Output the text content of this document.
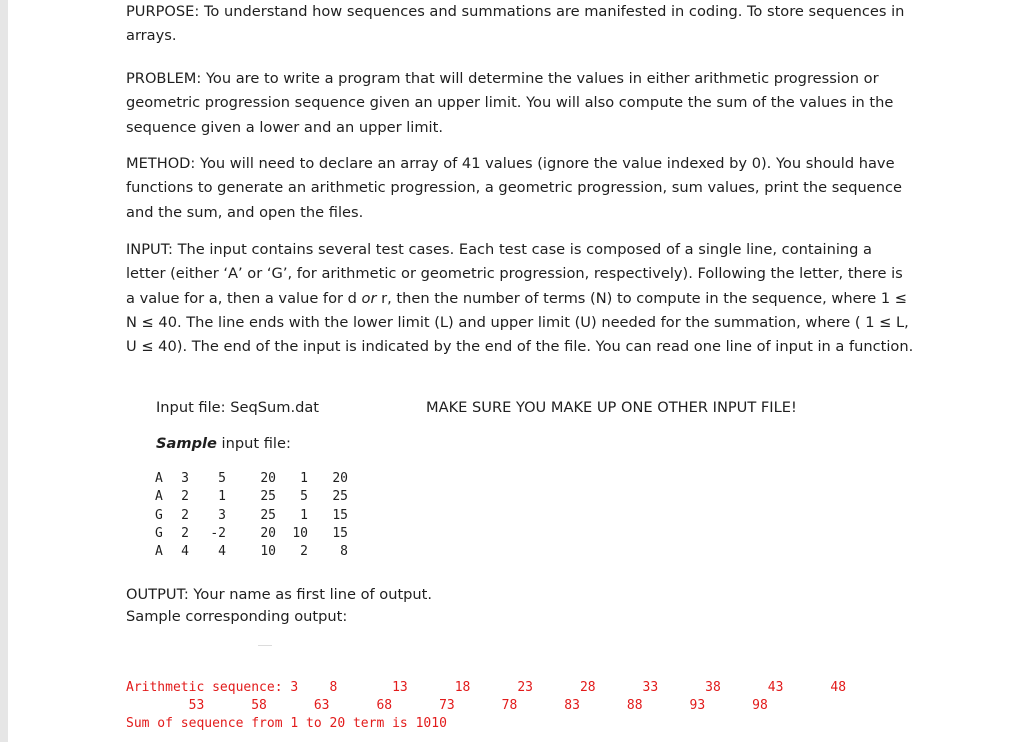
PURPOSE: To understand how sequences and summations are manifested in coding. To store sequences in arrays.

PROBLEM: You are to write a program that will determine the values in either arithmetic progression or geometric progression sequence given an upper limit. You will also compute the sum of the values in the sequence given a lower and an upper limit.

METHOD: You will need to declare an array of 41 values (ignore the value indexed by 0). You should have functions to generate an arithmetic progression, a geometric progression, sum values, print the sequence and the sum, and open the files.

INPUT: The input contains several test cases. Each test case is composed of a single line, containing a letter (either ‘A’ or ‘G’, for arithmetic or geometric progression, respectively). Following the letter, there is a value for a, then a value for d or r, then the number of terms (N) to compute in the sequence, where 1 ≤ N ≤ 40. The line ends with the lower limit (L) and upper limit (U) needed for the summation, where ( 1 ≤ L, U ≤ 40). The end of the input is indicated by the end of the file. You can read one line of input in a function.

Input file: SeqSum.dat	MAKE SURE YOU MAKE UP ONE OTHER INPUT FILE!
Sample input file:
A	3	5	20	1	20
A	2	1	25	5	25
G	2	3	25	1	15
G	2	-2	20	10	15
A	4	4	10	2	8
OUTPUT: Your name as first line of output.
Sample corresponding output:
Arithmetic sequence: 3    8       13      18      23      28      33      38      43      48
53      58      63      68      73      78      83      88      93      98
Sum of sequence from 1 to 20 term is 1010
